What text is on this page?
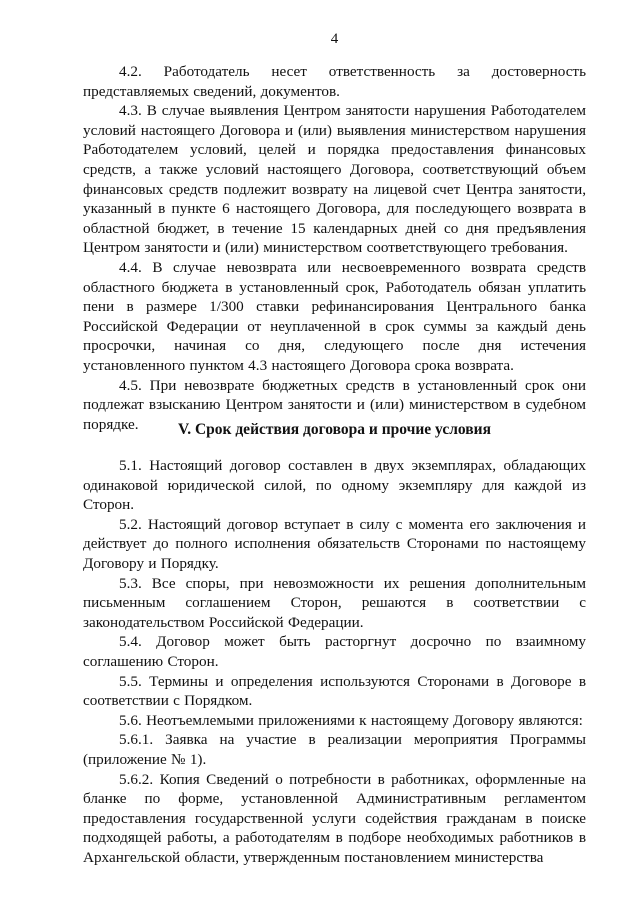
4

4.2. Работодатель несет ответственность за достоверность представляемых сведений, документов.

4.3. В случае выявления Центром занятости нарушения Работодателем условий настоящего Договора и (или) выявления министерством нарушения Работодателем условий, целей и порядка предоставления финансовых средств, а также условий настоящего Договора, соответствующий объем финансовых средств подлежит возврату на лицевой счет Центра занятости, указанный в пункте 6 настоящего Договора, для последующего возврата в областной бюджет, в течение 15 календарных дней со дня предъявления Центром занятости и (или) министерством соответствующего требования.

4.4. В случае невозврата или несвоевременного возврата средств областного бюджета в установленный срок, Работодатель обязан уплатить пени в размере 1/300 ставки рефинансирования Центрального банка Российской Федерации от неуплаченной в срок суммы за каждый день просрочки, начиная со дня, следующего после дня истечения установленного пунктом 4.3 настоящего Договора срока возврата.

4.5. При невозврате бюджетных средств в установленный срок они подлежат взысканию Центром занятости и (или) министерством в судебном порядке.	V. Срок действия договора и прочие условия

5.1. Настоящий договор составлен в двух экземплярах, обладающих одинаковой юридической силой, по одному экземпляру для каждой из Сторон.

5.2. Настоящий договор вступает в силу с момента его заключения и действует до полного исполнения обязательств Сторонами по настоящему Договору и Порядку.

5.3. Все споры, при невозможности их решения дополнительным письменным соглашением Сторон, решаются в соответствии с законодательством Российской Федерации.

5.4. Договор может быть расторгнут досрочно по взаимному соглашению Сторон.

5.5. Термины и определения используются Сторонами в Договоре в соответствии с Порядком.

5.6. Неотъемлемыми приложениями к настоящему Договору являются:

5.6.1. Заявка на участие в реализации мероприятия Программы (приложение № 1).

5.6.2. Копия Сведений о потребности в работниках, оформленные на бланке по форме, установленной Административным регламентом предоставления государственной услуги содействия гражданам в поиске подходящей работы, а работодателям в подборе необходимых работников в Архангельской области, утвержденным постановлением министерства
